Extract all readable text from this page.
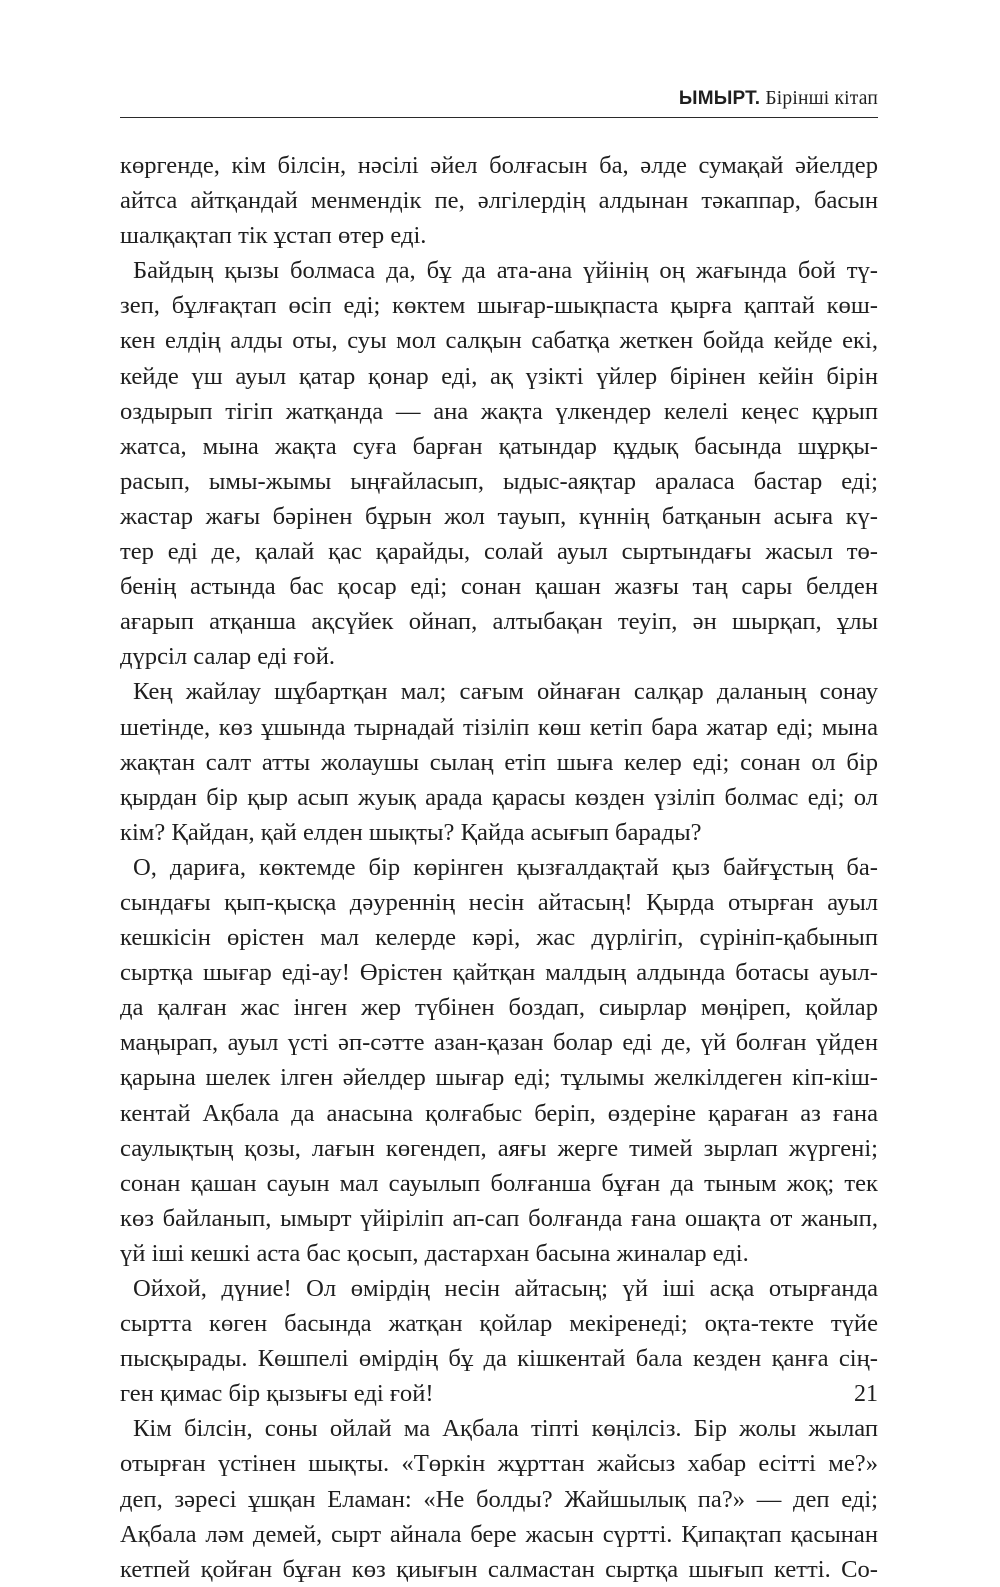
ЫМЫРТ. Бірінші кітап
көргенде, кім білсін, нәсілі әйел болғасын ба, әлде сумақай әйелдер
айтса айтқандай менмендік пе, әлгілердің алдынан тәкаппар, басын
шалқақтап тік ұстап өтер еді.
Байдың қызы болмаса да, бұ да ата-ана үйінің оң жағында бой тү-
зеп, бұлғақтап өсіп еді; көктем шығар-шықпаста қырға қаптай көш-
кен елдің алды оты, суы мол салқын сабатқа жеткен бойда кейде екі,
кейде үш ауыл қатар қонар еді, ақ үзікті үйлер бірінен кейін бірін
оздырып тігіп жатқанда — ана жақта үлкендер келелі кеңес құрып
жатса, мына жақта суға барған қатындар құдық басында шұрқы-
расып, ымы-жымы ыңғайласып, ыдыс-аяқтар араласа бастар еді;
жастар жағы бәрінен бұрын жол тауып, күннің батқанын асыға кү-
тер еді де, қалай қас қарайды, солай ауыл сыртындағы жасыл тө-
бенің астында бас қосар еді; сонан қашан жазғы таң сары белден
ағарып атқанша ақсүйек ойнап, алтыбақан теуіп, ән шырқап, ұлы
дүрсіл салар еді ғой.
Кең жайлау шұбартқан мал; сағым ойнаған салқар даланың сонау
шетінде, көз ұшында тырнадай тізіліп көш кетіп бара жатар еді; мына
жақтан салт атты жолаушы сылаң етіп шыға келер еді; сонан ол бір
қырдан бір қыр асып жуық арада қарасы көзден үзіліп болмас еді; ол
кім? Қайдан, қай елден шықты? Қайда асығып барады?
О, дариға, көктемде бір көрінген қызғалдақтай қыз байғұстың ба-
сындағы қып-қысқа дәуреннің несін айтасың! Қырда отырған ауыл
кешкісін өрістен мал келерде кәрі, жас дүрлігіп, сүрініп-қабынып
сыртқа шығар еді-ау! Өрістен қайтқан малдың алдында ботасы ауыл-
да қалған жас інген жер түбінен боздап, сиырлар мөңіреп, қойлар
маңырап, ауыл үсті әп-сәтте азан-қазан болар еді де, үй болған үйден
қарына шелек ілген әйелдер шығар еді; тұлымы желкілдеген кіп-кіш-
кентай Ақбала да анасына қолғабыс беріп, өздеріне қараған аз ғана
саулықтың қозы, лағын көгендеп, аяғы жерге тимей зырлап жүргені;
сонан қашан сауын мал сауылып болғанша бұған да тыным жоқ; тек
көз байланып, ымырт үйіріліп ап-сап болғанда ғана ошақта от жанып,
үй іші кешкі аста бас қосып, дастархан басына жиналар еді.
Ойхой, дүние! Ол өмірдің несін айтасың; үй іші асқа отырғанда
сыртта көген басында жатқан қойлар мекіренеді; оқта-текте түйе
пысқырады. Көшпелі өмірдің бұ да кішкентай бала кезден қанға сің-
ген қимас бір қызығы еді ғой!
Кім білсін, соны ойлай ма Ақбала тіпті көңілсіз. Бір жолы жылап
отырған үстінен шықты. «Төркін жұрттан жайсыз хабар есітті ме?»
деп, зәресі ұшқан Еламан: «Не болды? Жайшылық па?» — деп еді;
Ақбала ләм демей, сырт айнала бере жасын сүртті. Қипақтап қасынан
кетпей қойған бұған көз қиығын салмастан сыртқа шығып кетті. Со-
21
